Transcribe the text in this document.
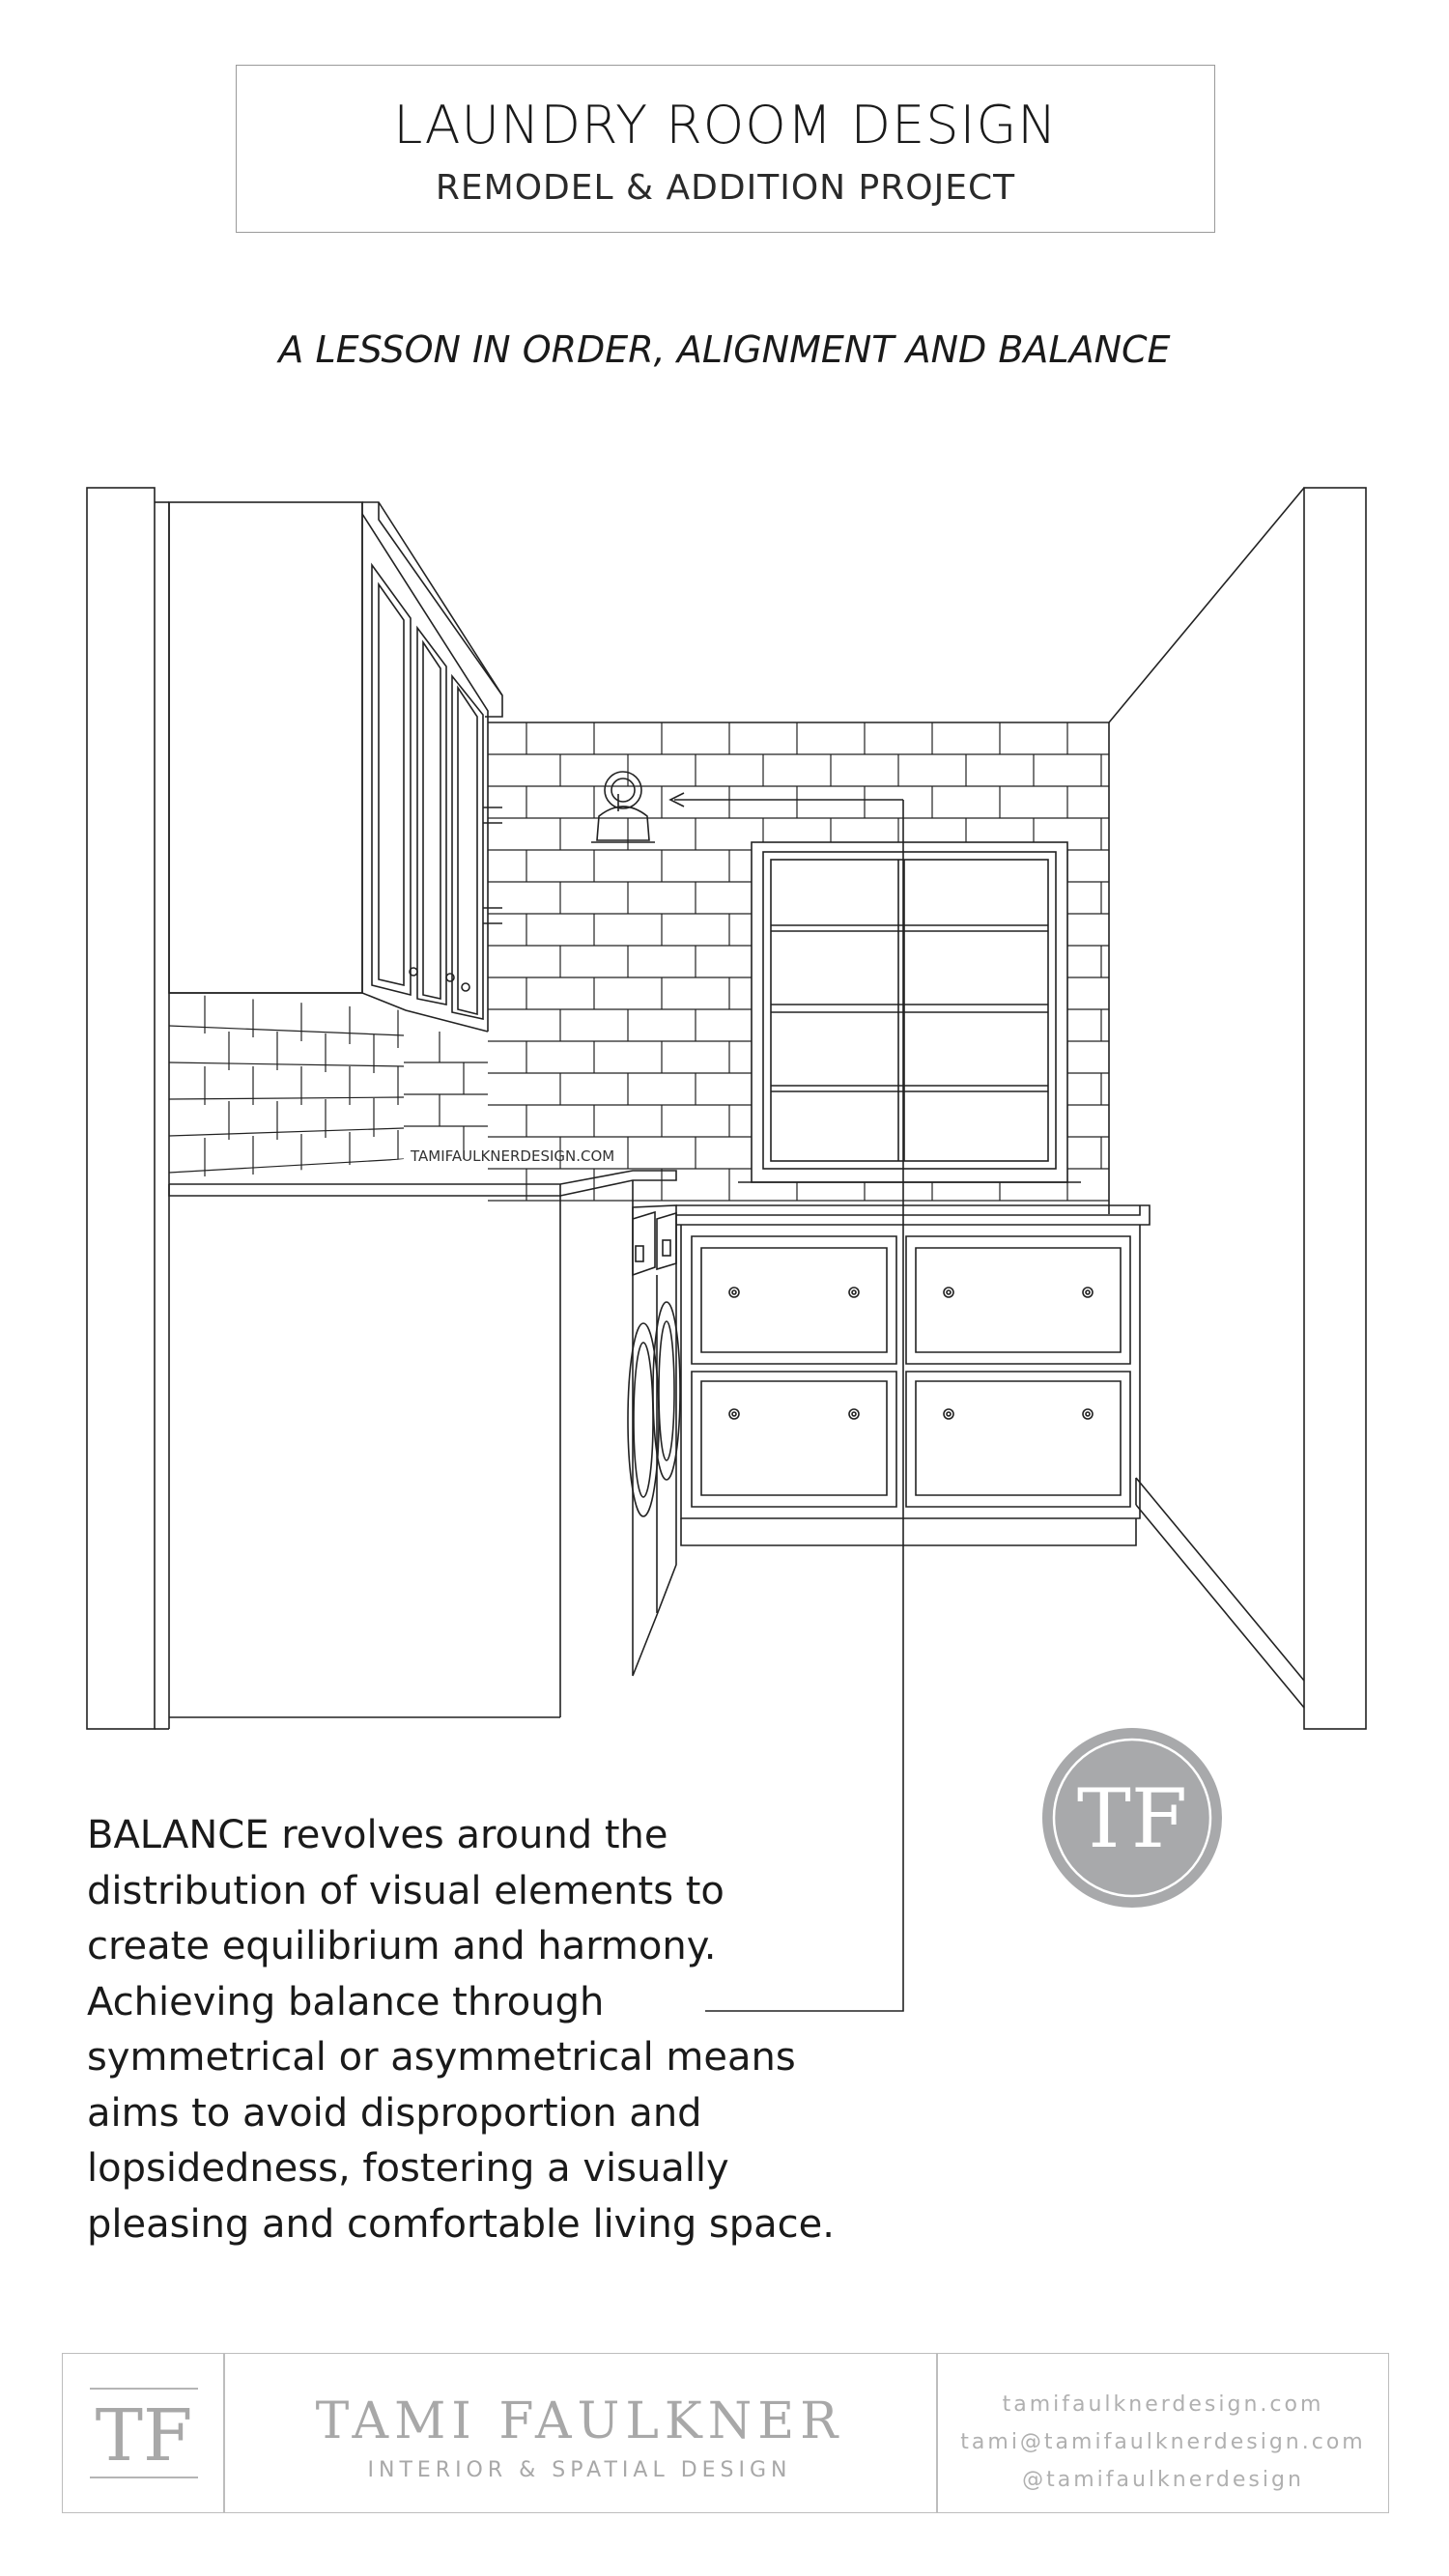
LAUNDRY ROOM DESIGN
REMODEL & ADDITION PROJECT
A LESSON IN ORDER, ALIGNMENT AND BALANCE
TAMIFAULKNERDESIGN.COM
TF
BALANCE revolves around the
distribution of visual elements to
create equilibrium and harmony.
Achieving balance through
symmetrical or asymmetrical means
aims to avoid disproportion and
lopsidedness, fostering a visually
pleasing and comfortable living space.
TF	TAMI FAULKNER
INTERIOR & SPATIAL DESIGN
tamifaulknerdesign.com
tami@tamifaulknerdesign.com
@tamifaulknerdesign
